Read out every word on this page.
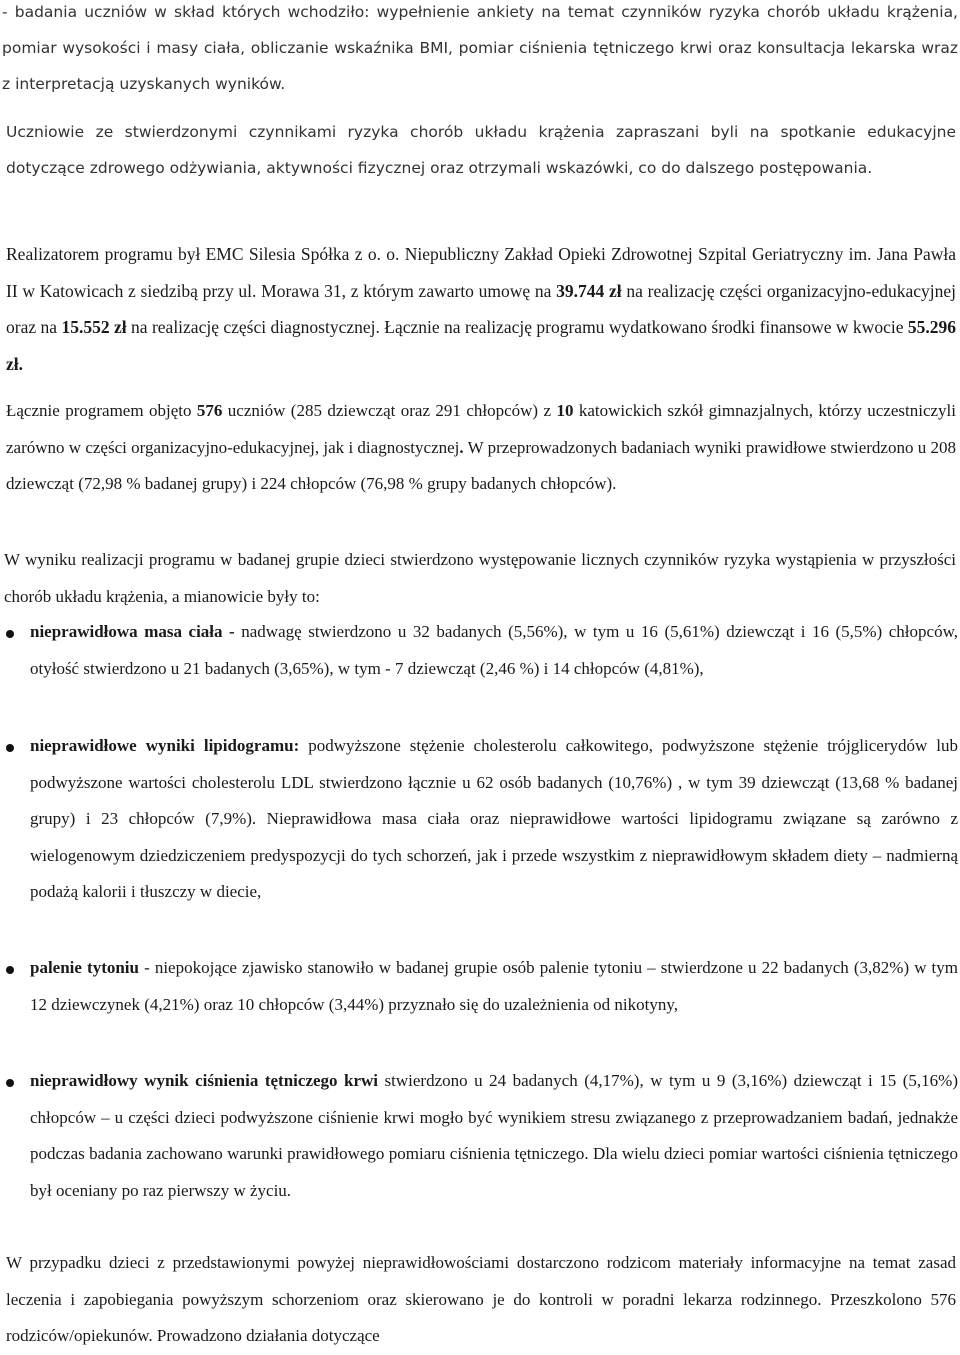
- badania uczniów w skład których wchodziło: wypełnienie ankiety na temat czynników ryzyka chorób układu krążenia, pomiar wysokości i masy ciała, obliczanie wskaźnika BMI, pomiar ciśnienia tętniczego krwi oraz konsultacja lekarska wraz z interpretacją uzyskanych wyników.

Uczniowie ze stwierdzonymi czynnikami ryzyka chorób układu krążenia zapraszani byli na spotkanie edukacyjne dotyczące zdrowego odżywiania, aktywności fizycznej oraz otrzymali wskazówki, co do dalszego postępowania.

Realizatorem programu był EMC Silesia Spółka z o. o. Niepubliczny Zakład Opieki Zdrowotnej Szpital Geriatryczny im. Jana Pawła II w Katowicach z siedzibą przy ul. Morawa 31, z którym zawarto umowę na 39.744 zł na realizację części organizacyjno-edukacyjnej oraz na 15.552 zł na realizację części diagnostycznej. Łącznie na realizację programu wydatkowano środki finansowe w kwocie 55.296 zł.

Łącznie programem objęto 576 uczniów (285 dziewcząt oraz 291 chłopców) z 10 katowickich szkół gimnazjalnych, którzy uczestniczyli zarówno w części organizacyjno-edukacyjnej, jak i diagnostycznej. W przeprowadzonych badaniach wyniki prawidłowe stwierdzono u 208 dziewcząt (72,98 % badanej grupy) i 224 chłopców (76,98 % grupy badanych chłopców).

W wyniku realizacji programu w badanej grupie dzieci stwierdzono występowanie licznych czynników ryzyka wystąpienia w przyszłości chorób układu krążenia, a mianowicie były to:

nieprawidłowa masa ciała - nadwagę stwierdzono u 32 badanych (5,56%), w tym u 16 (5,61%) dziewcząt i 16 (5,5%) chłopców, otyłość stwierdzono u 21 badanych (3,65%), w tym - 7 dziewcząt (2,46 %) i 14 chłopców (4,81%),

nieprawidłowe wyniki lipidogramu: podwyższone stężenie cholesterolu całkowitego, podwyższone stężenie trójglicerydów lub podwyższone wartości cholesterolu LDL stwierdzono łącznie u 62 osób badanych (10,76%) , w tym 39 dziewcząt (13,68 % badanej grupy) i 23 chłopców (7,9%). Nieprawidłowa masa ciała oraz nieprawidłowe wartości lipidogramu związane są zarówno z wielogenowym dziedziczeniem predyspozycji do tych schorzeń, jak i przede wszystkim z nieprawidłowym składem diety – nadmierną podażą kalorii i tłuszczy w diecie,

palenie tytoniu - niepokojące zjawisko stanowiło w badanej grupie osób palenie tytoniu – stwierdzone u 22 badanych (3,82%) w tym 12 dziewczynek (4,21%) oraz 10 chłopców (3,44%) przyznało się do uzależnienia od nikotyny,

nieprawidłowy wynik ciśnienia tętniczego krwi stwierdzono u 24 badanych (4,17%), w tym u 9 (3,16%) dziewcząt i 15 (5,16%) chłopców – u części dzieci podwyższone ciśnienie krwi mogło być wynikiem stresu związanego z przeprowadzaniem badań, jednakże podczas badania zachowano warunki prawidłowego pomiaru ciśnienia tętniczego. Dla wielu dzieci pomiar wartości ciśnienia tętniczego był oceniany po raz pierwszy w życiu.

W przypadku dzieci z przedstawionymi powyżej nieprawidłowościami dostarczono rodzicom materiały informacyjne na temat zasad leczenia i zapobiegania powyższym schorzeniom oraz skierowano je do kontroli w poradni lekarza rodzinnego. Przeszkolono 576 rodziców/opiekunów. Prowadzono działania dotyczące
